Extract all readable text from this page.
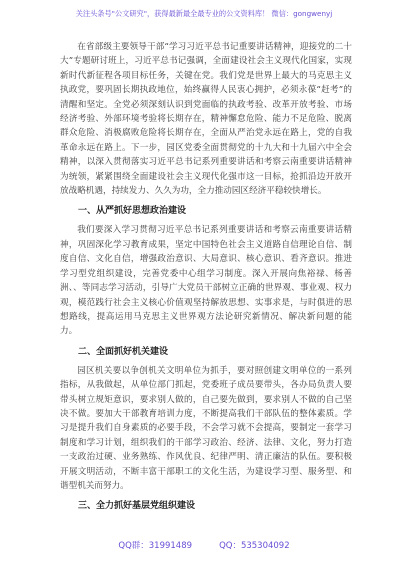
关注头条号"公文研究"，获得最新最全最专业的公文资料库！ 微信：gongwenyj

在省部级主要领导干部“学习习近平总书记重要讲话精神，迎接党的二十大”专题研讨班上，习近平总书记强调，全面建设社会主义现代化国家，实现新时代新征程各项目标任务，关键在党。我们党是世界上最大的马克思主义执政党，要巩固长期执政地位，始终赢得人民衷心拥护，必须永葆“赶考”的清醒和坚定。全党必须深刻认识到党面临的执政考验、改革开放考验、市场经济考验、外部环境考验将长期存在，精神懈怠危险、能力不足危险、脱离群众危险、消极腐败危险将长期存在，全面从严治党永远在路上，党的自我革命永远在路上。下一步，园区党委全面贯彻党的十九大和十九届六中全会精神，以深入贯彻落实习近平总书记系列重要讲话和考察云南重要讲话精神为统领，紧紧围绕全面建设社会主义现代化强市这一目标，抢抓沿边开放开放战略机遇，持续发力、久久为功，全力推动园区经济平稳较快增长。

一、从严抓好思想政治建设

我们要深入学习贯彻习近平总书记系列重要讲话和考察云南重要讲话精神，巩固深化学习教育成果，坚定中国特色社会主义道路自信理论自信、制度自信、文化自信，增强政治意识、大局意识、核心意识、看齐意识。推进学习型党组织建设，完善党委中心组学习制度。深入开展向焦裕禄、杨善洲、、等同志学习活动，引导广大党员干部树立正确的世界观、事业观、权力观，模范践行社会主义核心价值观坚持解放思想、实事求是，与时俱进的思想路线，提高运用马克思主义世界观方法论研究新情况、解决新问题的能力。

二、全面抓好机关建设

园区机关要以争创机关文明单位为抓手，要对照创建文明单位的一系列指标，从我做起，从单位部门抓起，党委班子成员要带头，各办局负责人要带头树立规矩意识，要求别人做的，自己要先做到，要求别人不做的自己坚决不做。要加大干部教育培训力度，不断提高我们干部队伍的整体素质。学习是提升我们自身素质的必要手段，不会学习就不会提高，要制定一套学习制度和学习计划，组织我们的干部学习政治、经济、法律、文化，努力打造一支政治过硬、业务熟练、作风优良、纪律严明、清正廉洁的队伍。要积极开展文明活动，不断丰富干部职工的文化生活，为建设学习型、服务型、和谐型机关而努力。

三、全力抓好基层党组织建设
QQ群：31991489	QQ：535304092
